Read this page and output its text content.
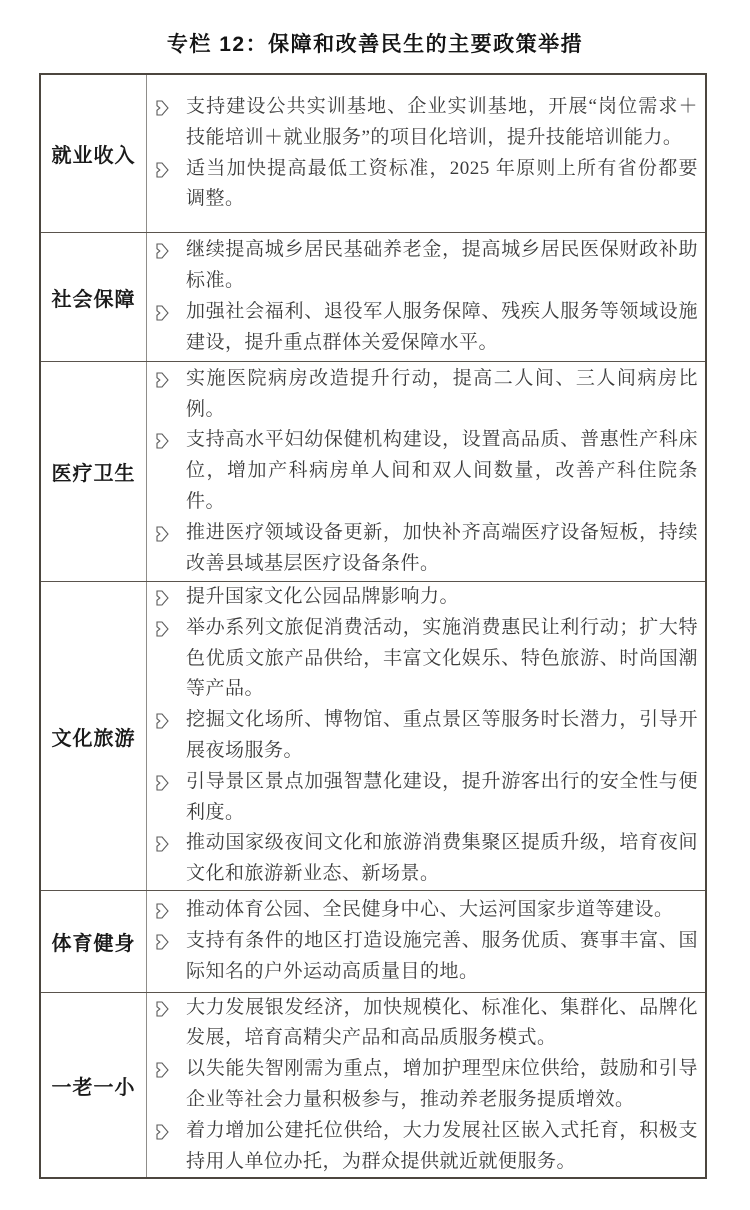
专栏 12：保障和改善民生的主要政策举措
就业收入
支持建设公共实训基地、企业实训基地，开展“岗位需求＋技能培训＋就业服务”的项目化培训，提升技能培训能力。
适当加快提高最低工资标准，2025 年原则上所有省份都要调整。
社会保障
继续提高城乡居民基础养老金，提高城乡居民医保财政补助标准。
加强社会福利、退役军人服务保障、残疾人服务等领域设施建设，提升重点群体关爱保障水平。
医疗卫生
实施医院病房改造提升行动，提高二人间、三人间病房比例。
支持高水平妇幼保健机构建设，设置高品质、普惠性产科床位，增加产科病房单人间和双人间数量，改善产科住院条件。
推进医疗领域设备更新，加快补齐高端医疗设备短板，持续改善县域基层医疗设备条件。
文化旅游
提升国家文化公园品牌影响力。
举办系列文旅促消费活动，实施消费惠民让利行动；扩大特色优质文旅产品供给，丰富文化娱乐、特色旅游、时尚国潮等产品。
挖掘文化场所、博物馆、重点景区等服务时长潜力，引导开展夜场服务。
引导景区景点加强智慧化建设，提升游客出行的安全性与便利度。
推动国家级夜间文化和旅游消费集聚区提质升级，培育夜间文化和旅游新业态、新场景。
体育健身
推动体育公园、全民健身中心、大运河国家步道等建设。
支持有条件的地区打造设施完善、服务优质、赛事丰富、国际知名的户外运动高质量目的地。
一老一小
大力发展银发经济，加快规模化、标准化、集群化、品牌化发展，培育高精尖产品和高品质服务模式。
以失能失智刚需为重点，增加护理型床位供给，鼓励和引导企业等社会力量积极参与，推动养老服务提质增效。
着力增加公建托位供给，大力发展社区嵌入式托育，积极支持用人单位办托，为群众提供就近就便服务。
